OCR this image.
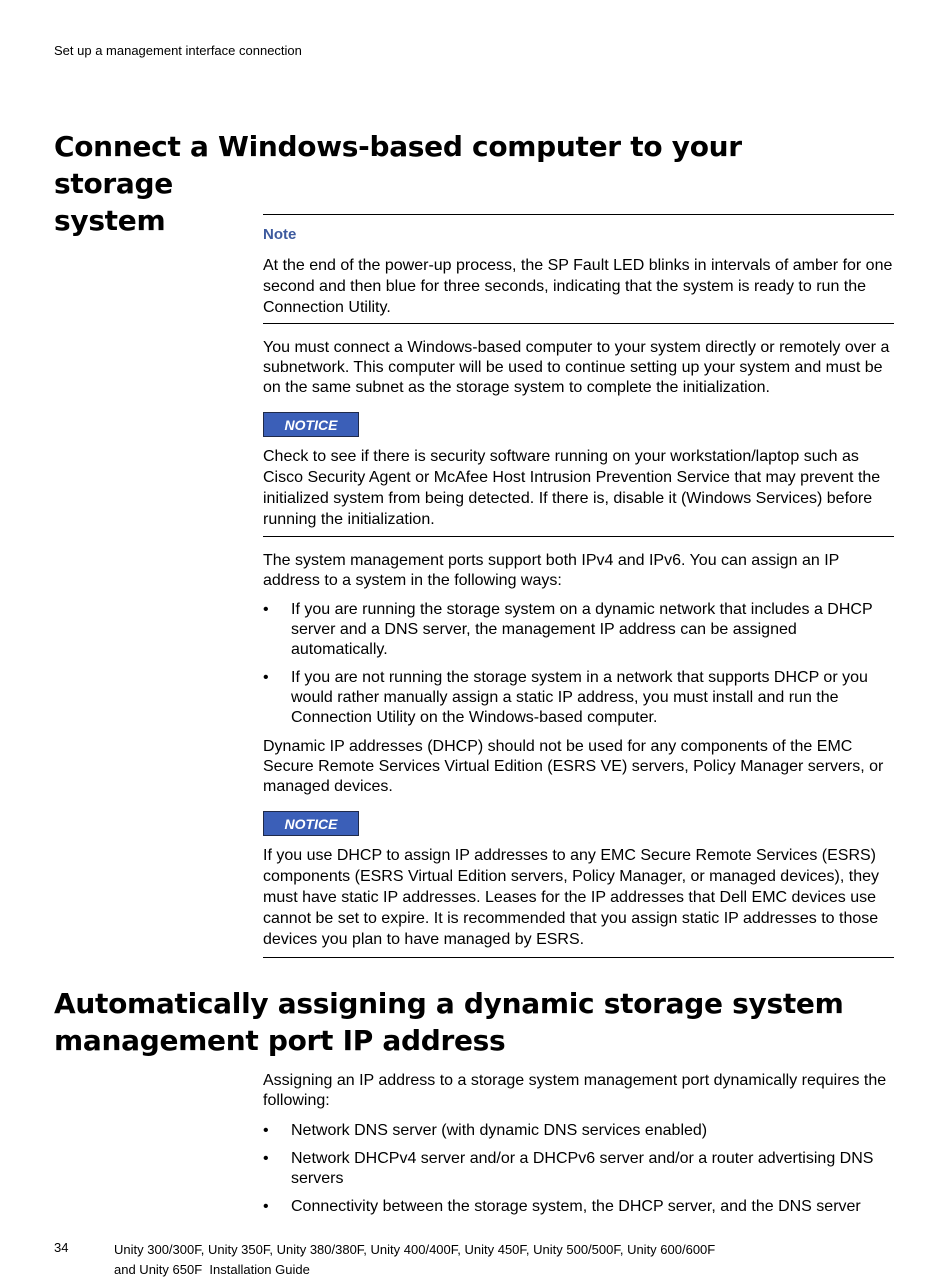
Set up a management interface connection
Connect a Windows-based computer to your storage
system	Note

At the end of the power-up process, the SP Fault LED blinks in intervals of amber for one second and then blue for three seconds, indicating that the system is ready to run the Connection Utility.

You must connect a Windows-based computer to your system directly or remotely over a subnetwork. This computer will be used to continue setting up your system and must be on the same subnet as the storage system to complete the initialization.

NOTICE

Check to see if there is security software running on your workstation/laptop such as Cisco Security Agent or McAfee Host Intrusion Prevention Service that may prevent the initialized system from being detected. If there is, disable it (Windows Services) before running the initialization.

The system management ports support both IPv4 and IPv6. You can assign an IP address to a system in the following ways:

• If you are running the storage system on a dynamic network that includes a DHCP server and a DNS server, the management IP address can be assigned automatically.
• If you are not running the storage system in a network that supports DHCP or you would rather manually assign a static IP address, you must install and run the Connection Utility on the Windows-based computer.

Dynamic IP addresses (DHCP) should not be used for any components of the EMC Secure Remote Services Virtual Edition (ESRS VE) servers, Policy Manager servers, or managed devices.

NOTICE

If you use DHCP to assign IP addresses to any EMC Secure Remote Services (ESRS) components (ESRS Virtual Edition servers, Policy Manager, or managed devices), they must have static IP addresses. Leases for the IP addresses that Dell EMC devices use cannot be set to expire. It is recommended that you assign static IP addresses to those devices you plan to have managed by ESRS.

Automatically assigning a dynamic storage system
management port IP address

Assigning an IP address to a storage system management port dynamically requires the following:

• Network DNS server (with dynamic DNS services enabled)
• Network DHCPv4 server and/or a DHCPv6 server and/or a router advertising DNS servers
• Connectivity between the storage system, the DHCP server, and the DNS server
34	Unity 300/300F, Unity 350F, Unity 380/380F, Unity 400/400F, Unity 450F, Unity 500/500F, Unity 600/600F
and Unity 650F  Installation Guide
